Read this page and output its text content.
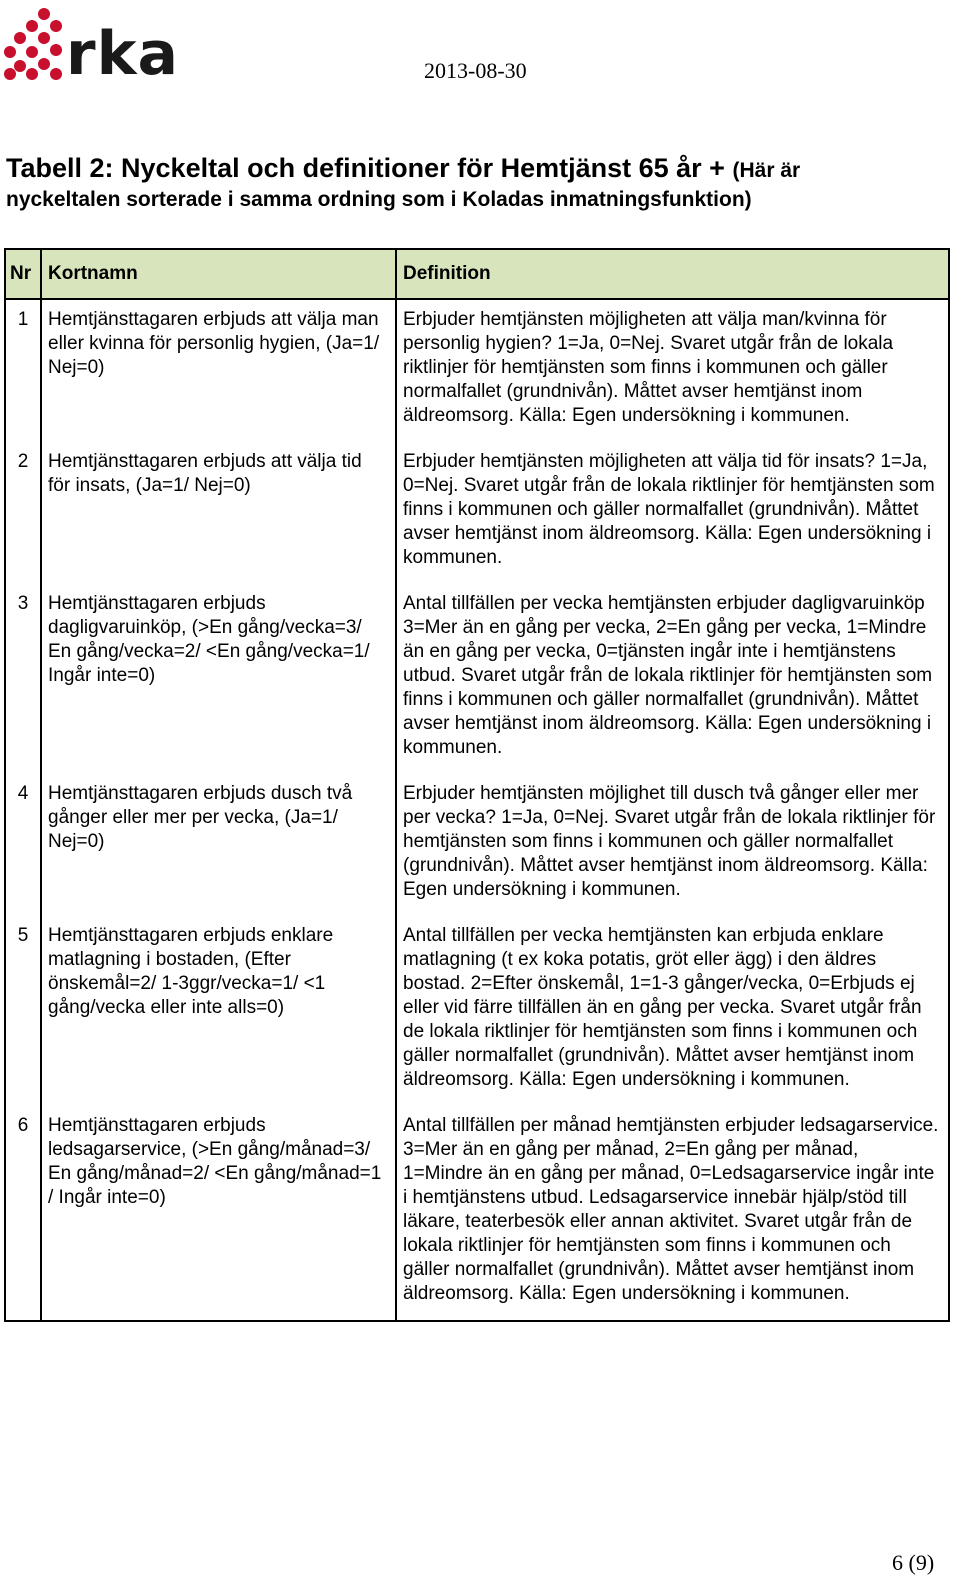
rka	2013-08-30
Tabell 2: Nyckeltal och definitioner för Hemtjänst 65 år + (Här är
nyckeltalen sorterade i samma ordning som i Koladas inmatningsfunktion)
Nr	Kortnamn	Definition
1	Hemtjänsttagaren erbjuds att välja man eller kvinna för personlig hygien, (Ja=1/ Nej=0)	Erbjuder hemtjänsten möjligheten att välja man/kvinna för personlig hygien? 1=Ja, 0=Nej. Svaret utgår från de lokala riktlinjer för hemtjänsten som finns i kommunen och gäller normalfallet (grundnivån). Måttet avser hemtjänst inom äldreomsorg. Källa: Egen undersökning i kommunen.
2	Hemtjänsttagaren erbjuds att välja tid för insats, (Ja=1/ Nej=0)	Erbjuder hemtjänsten möjligheten att välja tid för insats? 1=Ja, 0=Nej. Svaret utgår från de lokala riktlinjer för hemtjänsten som finns i kommunen och gäller normalfallet (grundnivån). Måttet avser hemtjänst inom äldreomsorg. Källa: Egen undersökning i kommunen.
3	Hemtjänsttagaren erbjuds dagligvaruinköp, (>En gång/vecka=3/ En gång/vecka=2/ <En gång/vecka=1/ Ingår inte=0)	Antal tillfällen per vecka hemtjänsten erbjuder dagligvaruinköp 3=Mer än en gång per vecka, 2=En gång per vecka, 1=Mindre än en gång per vecka, 0=tjänsten ingår inte i hemtjänstens utbud. Svaret utgår från de lokala riktlinjer för hemtjänsten som finns i kommunen och gäller normalfallet (grundnivån). Måttet avser hemtjänst inom äldreomsorg. Källa: Egen undersökning i kommunen.
4	Hemtjänsttagaren erbjuds dusch två gånger eller mer per vecka, (Ja=1/ Nej=0)	Erbjuder hemtjänsten möjlighet till dusch två gånger eller mer per vecka? 1=Ja, 0=Nej. Svaret utgår från de lokala riktlinjer för hemtjänsten som finns i kommunen och gäller normalfallet (grundnivån). Måttet avser hemtjänst inom äldreomsorg. Källa: Egen undersökning i kommunen.
5	Hemtjänsttagaren erbjuds enklare matlagning i bostaden, (Efter önskemål=2/ 1-3ggr/vecka=1/ <1 gång/vecka eller inte alls=0)	Antal tillfällen per vecka hemtjänsten kan erbjuda enklare matlagning (t ex koka potatis, gröt eller ägg) i den äldres bostad. 2=Efter önskemål, 1=1-3 gånger/vecka, 0=Erbjuds ej eller vid färre tillfällen än en gång per vecka. Svaret utgår från de lokala riktlinjer för hemtjänsten som finns i kommunen och gäller normalfallet (grundnivån). Måttet avser hemtjänst inom äldreomsorg. Källa: Egen undersökning i kommunen.
6	Hemtjänsttagaren erbjuds ledsagarservice, (>En gång/månad=3/ En gång/månad=2/ <En gång/månad=1 / Ingår inte=0)	Antal tillfällen per månad hemtjänsten erbjuder ledsagarservice. 3=Mer än en gång per månad, 2=En gång per månad, 1=Mindre än en gång per månad, 0=Ledsagarservice ingår inte i hemtjänstens utbud. Ledsagarservice innebär hjälp/stöd till läkare, teaterbesök eller annan aktivitet. Svaret utgår från de lokala riktlinjer för hemtjänsten som finns i kommunen och gäller normalfallet (grundnivån). Måttet avser hemtjänst inom äldreomsorg. Källa: Egen undersökning i kommunen.
6 (9)
